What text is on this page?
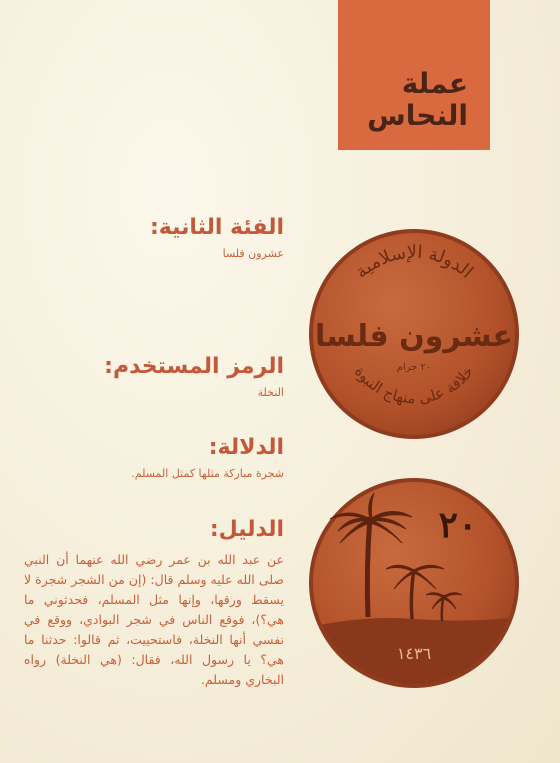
عملة
النحاس
الفئة الثانية:
عشرون فلسا
الرمز المستخدم:
النخلة
الدلالة:
شجرة مباركة مثلها كمثل المسلم.
الدليل:
عن عبد الله بن عمر رضي الله عنهما أن النبي صلى الله عليه وسلم قال: (إن من الشجر شجرة لا يسقط ورقها، وإنها مثل المسلم، فحدثوني ما هي؟)، فوقع الناس في شجر البوادي، ووقع في نفسي أنها النخلة، فاستحييت، ثم قالوا: حدثنا ما هي؟ يا رسول الله، فقال: (هي النخلة) رواه البخاري ومسلم.
الدولة الإسلامية
عشرون فلسا
٢٠ جرام
خلافة على منهاج النبوة
٢٠
١٤٣٦
